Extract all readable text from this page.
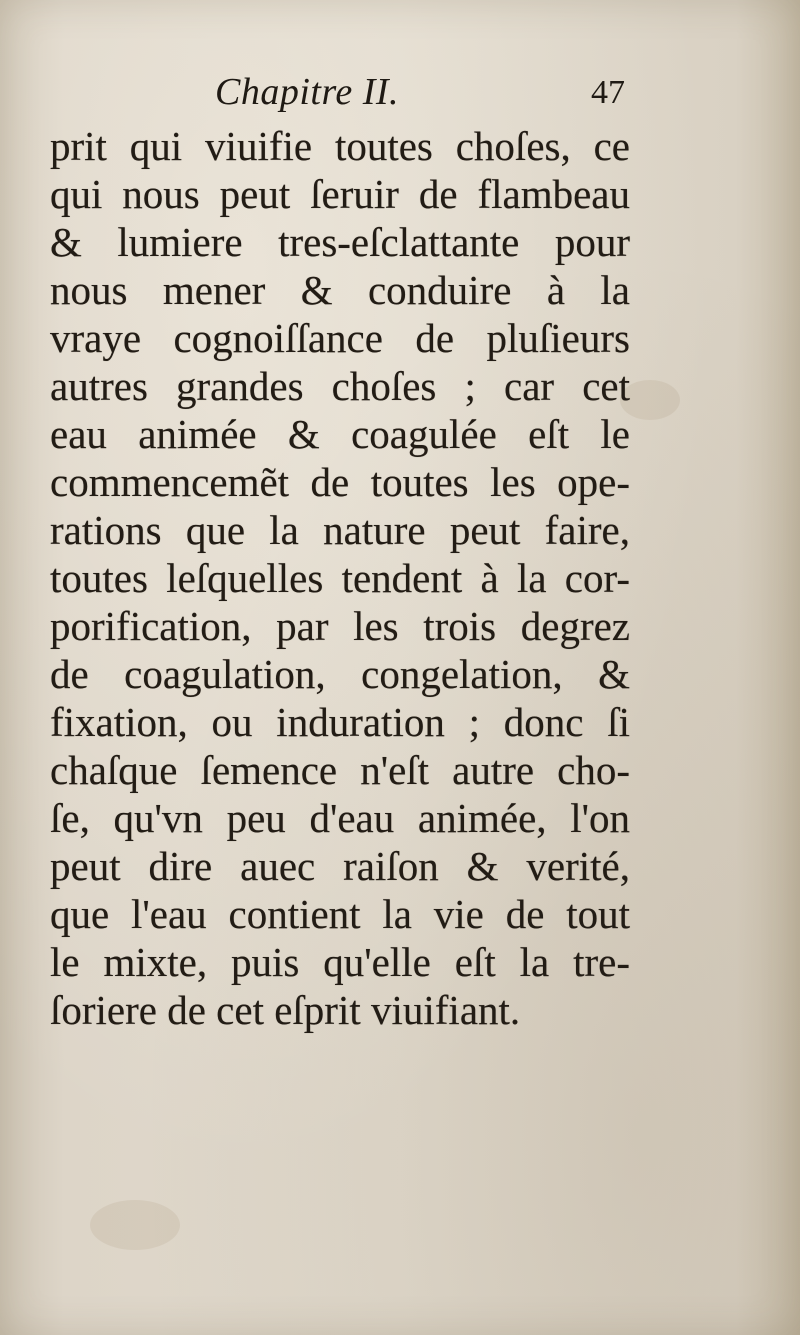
Chapitre II.	47
prit qui viuifie toutes choſes, ce
qui nous peut ſeruir de flambeau
& lumiere tres-eſclattante pour
nous mener & conduire à la
vraye cognoiſſance de pluſieurs
autres grandes choſes ; car cet
eau animée & coagulée eſt le
commencemẽt de toutes les ope-
rations que la nature peut faire,
toutes leſquelles tendent à la cor-
porification, par les trois degrez
de coagulation, congelation, &
fixation, ou induration ; donc ſi
chaſque ſemence n'eſt autre cho-
ſe, qu'vn peu d'eau animée, l'on
peut dire auec raiſon & verité,
que l'eau contient la vie de tout
le mixte, puis qu'elle eſt la tre-
ſoriere de cet eſprit viuifiant.
